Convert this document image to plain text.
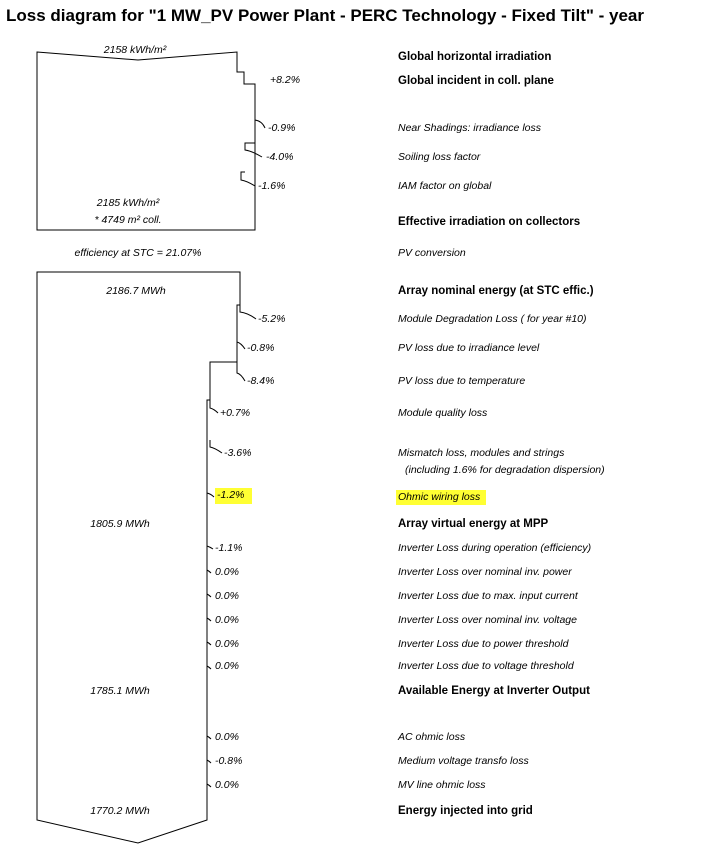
Loss diagram for "1 MW_PV Power Plant - PERC Technology - Fixed Tilt" - year
2158 kWh/m²
Global horizontal irradiation
+8.2%	Global incident in coll. plane
-0.9%	Near Shadings: irradiance loss
-4.0%	Soiling loss factor
-1.6%	IAM factor on global
2185 kWh/m²
* 4749 m² coll.	Effective irradiation on collectors
efficiency at STC = 21.07%	PV conversion
2186.7 MWh	Array nominal energy (at STC effic.)
-5.2%	Module Degradation Loss ( for year #10)
-0.8%	PV loss due to irradiance level
-8.4%	PV loss due to temperature
+0.7%	Module quality loss
-3.6%	Mismatch loss, modules and strings
(including 1.6% for degradation dispersion)
-1.2%	Ohmic wiring loss
1805.9 MWh	Array virtual energy at MPP
-1.1%	Inverter Loss during operation (efficiency)
0.0%	Inverter Loss over nominal inv. power
0.0%	Inverter Loss due to max. input current
0.0%	Inverter Loss over nominal inv. voltage
0.0%	Inverter Loss due to power threshold
0.0%	Inverter Loss due to voltage threshold
1785.1 MWh	Available Energy at Inverter Output
0.0%	AC ohmic loss
-0.8%	Medium voltage transfo loss
0.0%	MV line ohmic loss
1770.2 MWh	Energy injected into grid
